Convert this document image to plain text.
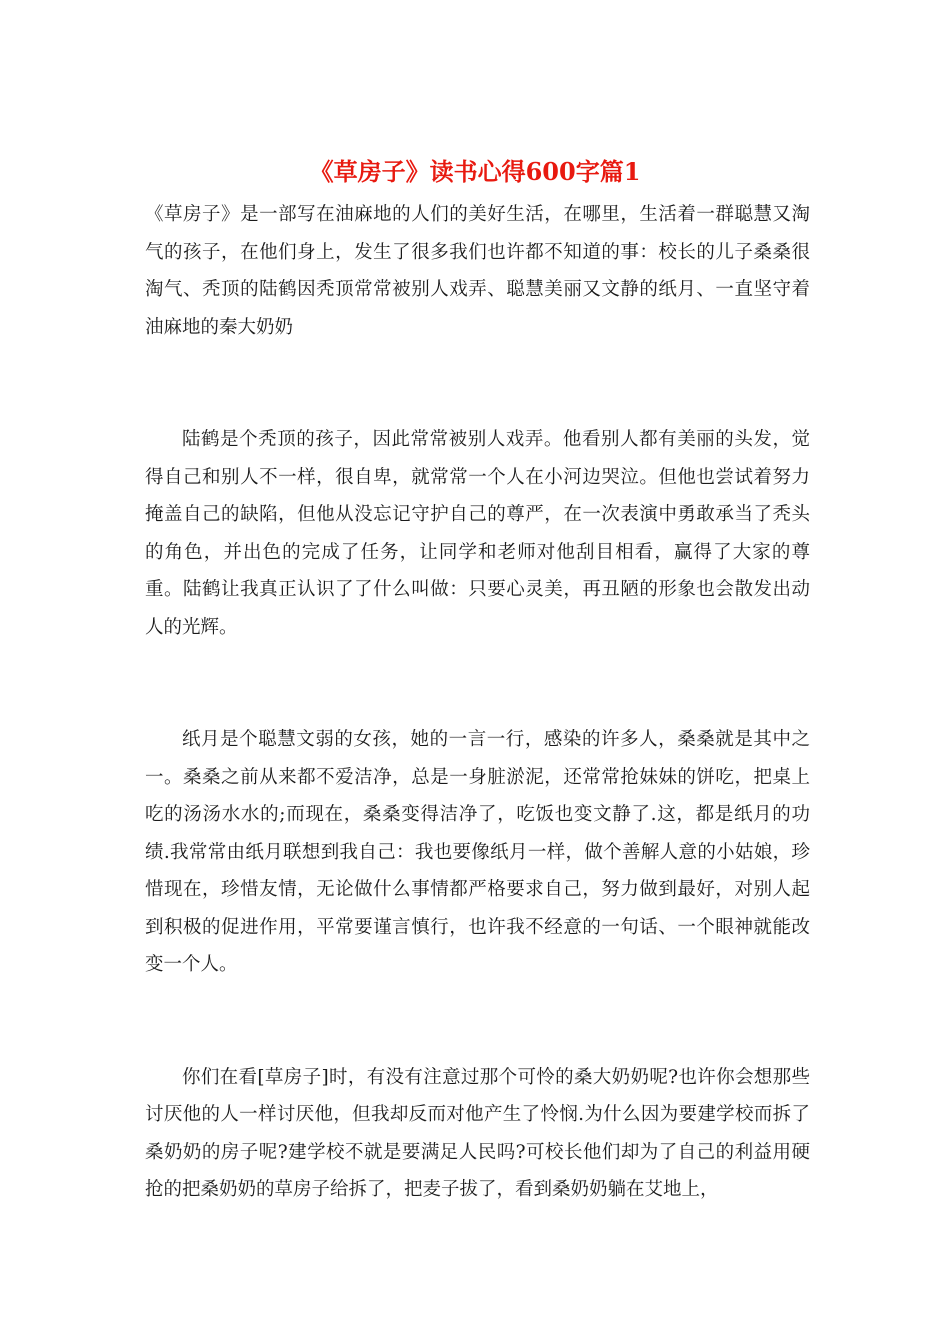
《草房子》读书心得600字篇1

《草房子》是一部写在油麻地的人们的美好生活，在哪里，生活着一群聪慧又淘气的孩子，在他们身上，发生了很多我们也许都不知道的事：校长的儿子桑桑很淘气、秃顶的陆鹤因秃顶常常被别人戏弄、聪慧美丽又文静的纸月、一直坚守着油麻地的秦大奶奶

陆鹤是个秃顶的孩子，因此常常被别人戏弄。他看别人都有美丽的头发，觉得自己和别人不一样，很自卑，就常常一个人在小河边哭泣。但他也尝试着努力掩盖自己的缺陷，但他从没忘记守护自己的尊严，在一次表演中勇敢承当了秃头的角色，并出色的完成了任务，让同学和老师对他刮目相看，赢得了大家的尊重。陆鹤让我真正认识了了什么叫做：只要心灵美，再丑陋的形象也会散发出动人的光辉。

纸月是个聪慧文弱的女孩，她的一言一行，感染的许多人，桑桑就是其中之一。桑桑之前从来都不爱洁净，总是一身脏淤泥，还常常抢妹妹的饼吃，把桌上吃的汤汤水水的;而现在，桑桑变得洁净了，吃饭也变文静了.这，都是纸月的功绩.我常常由纸月联想到我自己：我也要像纸月一样，做个善解人意的小姑娘，珍惜现在，珍惜友情，无论做什么事情都严格要求自己，努力做到最好，对别人起到积极的促进作用，平常要谨言慎行，也许我不经意的一句话、一个眼神就能改变一个人。

你们在看[草房子]时，有没有注意过那个可怜的桑大奶奶呢?也许你会想那些讨厌他的人一样讨厌他，但我却反而对他产生了怜悯.为什么因为要建学校而拆了桑奶奶的房子呢?建学校不就是要满足人民吗?可校长他们却为了自己的利益用硬抢的把桑奶奶的草房子给拆了，把麦子拔了，看到桑奶奶躺在艾地上，
